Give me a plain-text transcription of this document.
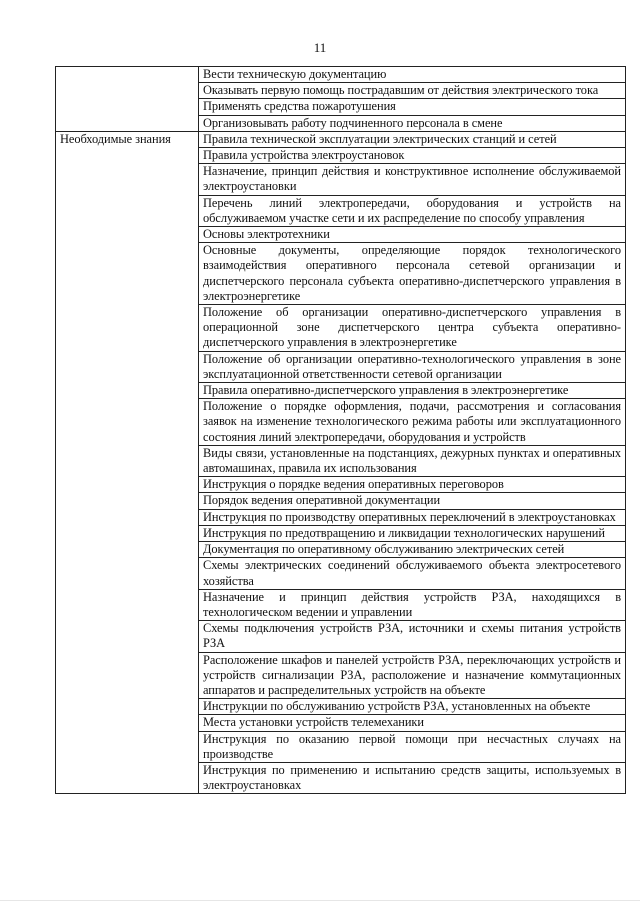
11
	Вести техническую документацию
	Оказывать первую помощь пострадавшим от действия электрического тока
	Применять средства пожаротушения
	Организовывать работу подчиненного персонала в смене
Необходимые знания	Правила технической эксплуатации электрических станций и сетей
	Правила устройства электроустановок
	Назначение, принцип действия и конструктивное исполнение обслуживаемой электроустановки
	Перечень линий электропередачи, оборудования и устройств на обслуживаемом участке сети и их распределение по способу управления
	Основы электротехники
	Основные документы, определяющие порядок технологического взаимодействия оперативного персонала сетевой организации и диспетчерского персонала субъекта оперативно-диспетчерского управления в электроэнергетике
	Положение об организации оперативно-диспетчерского управления в операционной зоне диспетчерского центра субъекта оперативно-диспетчерского управления в электроэнергетике
	Положение об организации оперативно-технологического управления в зоне эксплуатационной ответственности сетевой организации
	Правила оперативно-диспетчерского управления в электроэнергетике
	Положение о порядке оформления, подачи, рассмотрения и согласования заявок на изменение технологического режима работы или эксплуатационного состояния линий электропередачи, оборудования и устройств
	Виды связи, установленные на подстанциях, дежурных пунктах и оперативных автомашинах, правила их использования
	Инструкция о порядке ведения оперативных переговоров
	Порядок ведения оперативной документации
	Инструкция по производству оперативных переключений в электроустановках
	Инструкция по предотвращению и ликвидации технологических нарушений
	Документация по оперативному обслуживанию электрических сетей
	Схемы электрических соединений обслуживаемого объекта электросетевого хозяйства
	Назначение и принцип действия устройств РЗА, находящихся в технологическом ведении и управлении
	Схемы подключения устройств РЗА, источники и схемы питания устройств РЗА
	Расположение шкафов и панелей устройств РЗА, переключающих устройств и устройств сигнализации РЗА, расположение и назначение коммутационных аппаратов и распределительных устройств на объекте
	Инструкции по обслуживанию устройств РЗА, установленных на объекте
	Места установки устройств телемеханики
	Инструкция по оказанию первой помощи при несчастных случаях на производстве
	Инструкция по применению и испытанию средств защиты, используемых в электроустановках
